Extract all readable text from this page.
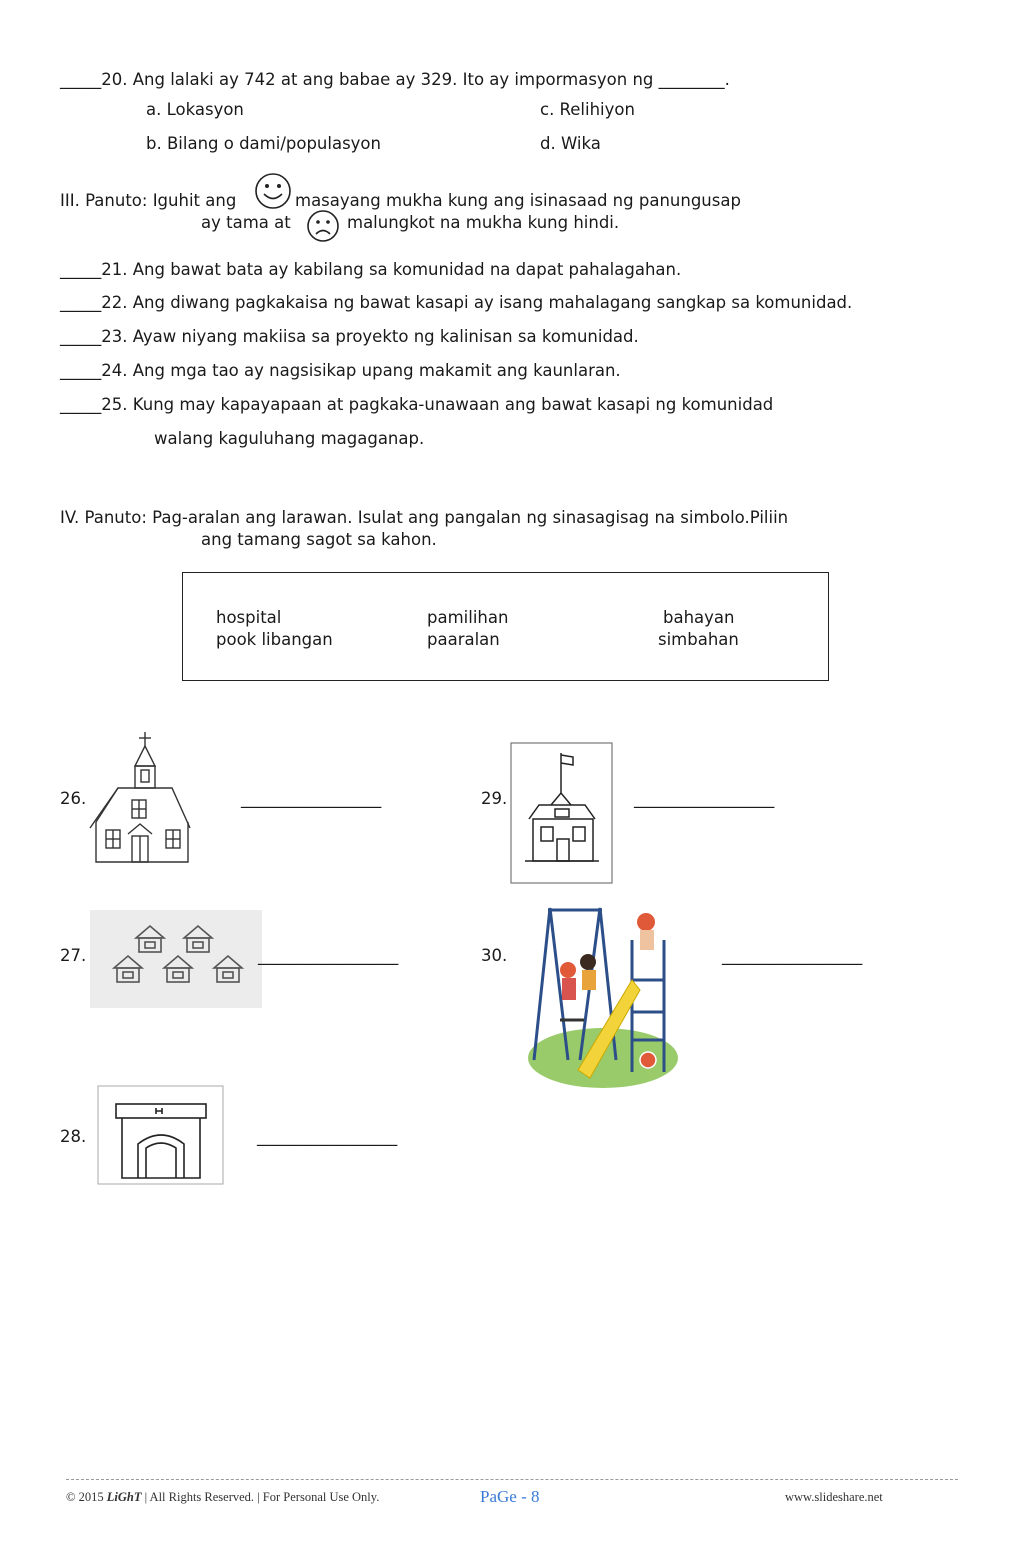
_____20. Ang lalaki ay 742 at ang babae ay 329. Ito ay impormasyon ng ________.
a. Lokasyon	c. Relihiyon
b. Bilang o dami/populasyon	d. Wika
III. Panuto: Iguhit ang	masayang mukha kung ang isinasaad ng panungusap
ay tama at	malungkot na mukha kung hindi.
_____21. Ang bawat bata ay kabilang sa komunidad na dapat pahalagahan.
_____22. Ang diwang pagkakaisa ng bawat kasapi ay isang mahalagang sangkap sa komunidad.
_____23. Ayaw niyang makiisa sa proyekto ng kalinisan sa komunidad.
_____24. Ang mga tao ay nagsisikap upang makamit ang kaunlaran.
_____25. Kung may kapayapaan at pagkaka-unawaan ang bawat kasapi ng komunidad
walang kaguluhang magaganap.
IV. Panuto: Pag-aralan ang larawan. Isulat ang pangalan ng sinasagisag na simbolo.Piliin
ang tamang sagot sa kahon.
hospital	pamilihan	bahayan
pook libangan	paaralan	simbahan
26.	_________________
27.	_________________
28.	_________________
29.	_________________
30.	_________________
© 2015 LiGhT | All Rights Reserved. | For Personal Use Only.	PaGe - 8	www.slideshare.net
